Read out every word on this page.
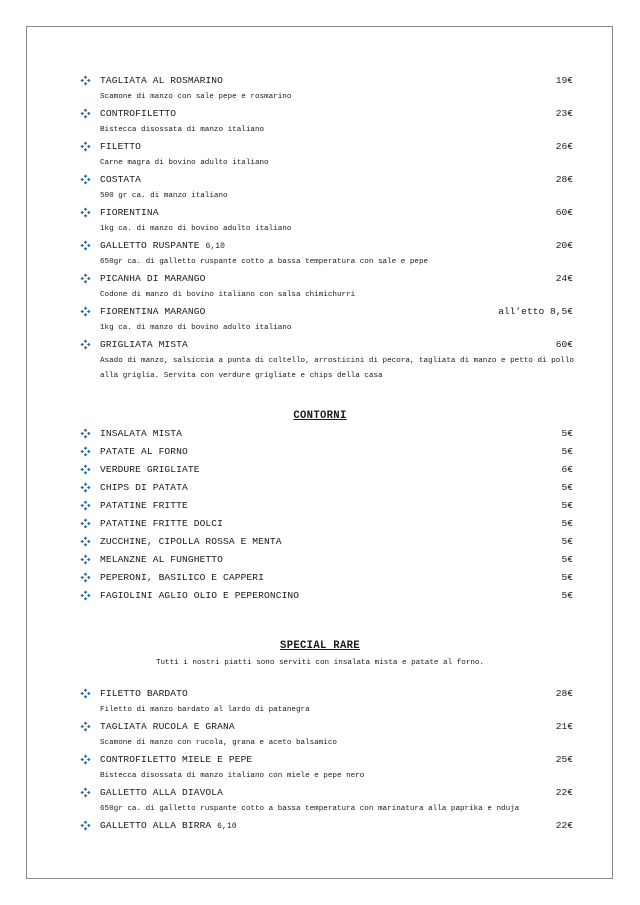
TAGLIATA AL ROSMARINO	19€
Scamone di manzo con sale pepe e rosmarino
CONTROFILETTO	23€
Bistecca disossata di manzo italiano
FILETTO	26€
Carne magra di bovino adulto italiano
COSTATA	28€
500 gr ca. di manzo italiano
FIORENTINA	60€
1kg ca. di manzo di bovino adulto italiano
GALLETTO RUSPANTE 6,10	20€
650gr ca. di galletto ruspante cotto a bassa temperatura con sale e pepe
PICANHA DI MARANGO	24€
Codone di manzo di bovino italiano con salsa chimichurri
FIORENTINA MARANGO	all’etto 8,5€
1kg ca. di manzo di bovino adulto italiano
GRIGLIATA MISTA	60€
Asado di manzo, salsiccia a punta di coltello, arrosticini di pecora, tagliata di manzo e petto di pollo alla griglia. Servita con verdure grigliate e chips della casa
CONTORNI
INSALATA MISTA	5€
PATATE AL FORNO	5€
VERDURE GRIGLIATE	6€
CHIPS DI PATATA	5€
PATATINE FRITTE	5€
PATATINE FRITTE DOLCI	5€
ZUCCHINE, CIPOLLA ROSSA E MENTA	5€
MELANZNE AL FUNGHETTO	5€
PEPERONI, BASILICO E CAPPERI	5€
FAGIOLINI AGLIO OLIO E PEPERONCINO	5€
SPECIAL RARE
Tutti i nostri piatti sono serviti con insalata mista e patate al forno.
FILETTO BARDATO	28€
Filetto di manzo bardato al lardo di patanegra
TAGLIATA RUCOLA E GRANA	21€
Scamone di manzo con rucola, grana e aceto balsamico
CONTROFILETTO MIELE E PEPE	25€
Bistecca disossata di manzo italiano con miele e pepe nero
GALLETTO ALLA DIAVOLA	22€
650gr ca. di galletto ruspante cotto a bassa temperatura con marinatura alla paprika e nduja
GALLETTO ALLA BIRRA 6,10	22€
